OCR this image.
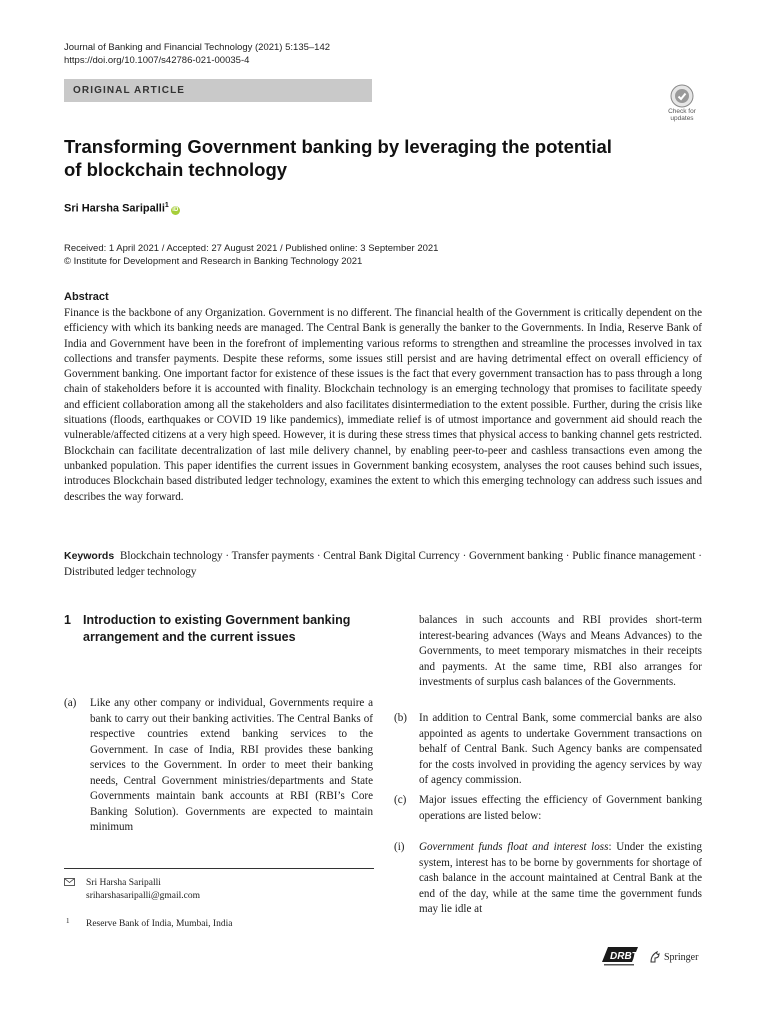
Journal of Banking and Financial Technology (2021) 5:135–142
https://doi.org/10.1007/s42786-021-00035-4
ORIGINAL ARTICLE
Check for
updates
Transforming Government banking by leveraging the potential of blockchain technology
Sri Harsha Saripalli$^1$iD
Received: 1 April 2021 / Accepted: 27 August 2021 / Published online: 3 September 2021
© Institute for Development and Research in Banking Technology 2021
Abstract
Finance is the backbone of any Organization. Government is no different. The financial health of the Government is critically dependent on the efficiency with which its banking needs are managed. The Central Bank is generally the banker to the Governments. In India, Reserve Bank of India and Government have been in the forefront of implementing various reforms to strengthen and streamline the processes involved in tax collections and transfer payments. Despite these reforms, some issues still persist and are having detrimental effect on overall efficiency of Government banking. One important factor for existence of these issues is the fact that every government transaction has to pass through a long chain of stakeholders before it is accounted with finality. Blockchain technology is an emerging technology that promises to facilitate speedy and efficient collaboration among all the stakeholders and also facilitates disintermediation to the extent possible. Further, during the crisis like situations (floods, earthquakes or COVID 19 like pandemics), immediate relief is of utmost importance and government aid should reach the vulnerable/affected citizens at a very high speed. However, it is during these stress times that physical access to banking channel gets restricted. Blockchain can facilitate decentralization of last mile delivery channel, by enabling peer-to-peer and cashless transactions even among the unbanked population. This paper identifies the current issues in Government banking ecosystem, analyses the root causes behind such issues, introduces Blockchain based distributed ledger technology, examines the extent to which this emerging technology can address such issues and describes the way forward.
Keywords Blockchain technology · Transfer payments · Central Bank Digital Currency · Government banking · Public finance management · Distributed ledger technology
1 Introduction to existing Government banking arrangement and the current issues
(a) Like any other company or individual, Governments require a bank to carry out their banking activities. The Central Banks of respective countries extend banking services to the Government. In case of India, RBI provides these banking services to the Government. In order to meet their banking needs, Central Government ministries/departments and State Governments maintain bank accounts at RBI (RBI’s Core Banking Solution). Governments are expected to maintain minimum
Sri Harsha Saripalli
sriharshasaripalli@gmail.com
1 Reserve Bank of India, Mumbai, India
balances in such accounts and RBI provides short-term interest-bearing advances (Ways and Means Advances) to the Governments, to meet temporary mismatches in their receipts and payments. At the same time, RBI also arranges for investments of surplus cash balances of the Governments.
(b) In addition to Central Bank, some commercial banks are also appointed as agents to undertake Government transactions on behalf of Central Bank. Such Agency banks are compensated for the costs involved in providing the agency services by way of agency commission.
(c) Major issues effecting the efficiency of Government banking operations are listed below:
(i) Government funds float and interest loss: Under the existing system, interest has to be borne by governments for shortage of cash balance in the account maintained at Central Bank at the end of the day, while at the same time the government funds may lie idle at
DRBT	Springer
